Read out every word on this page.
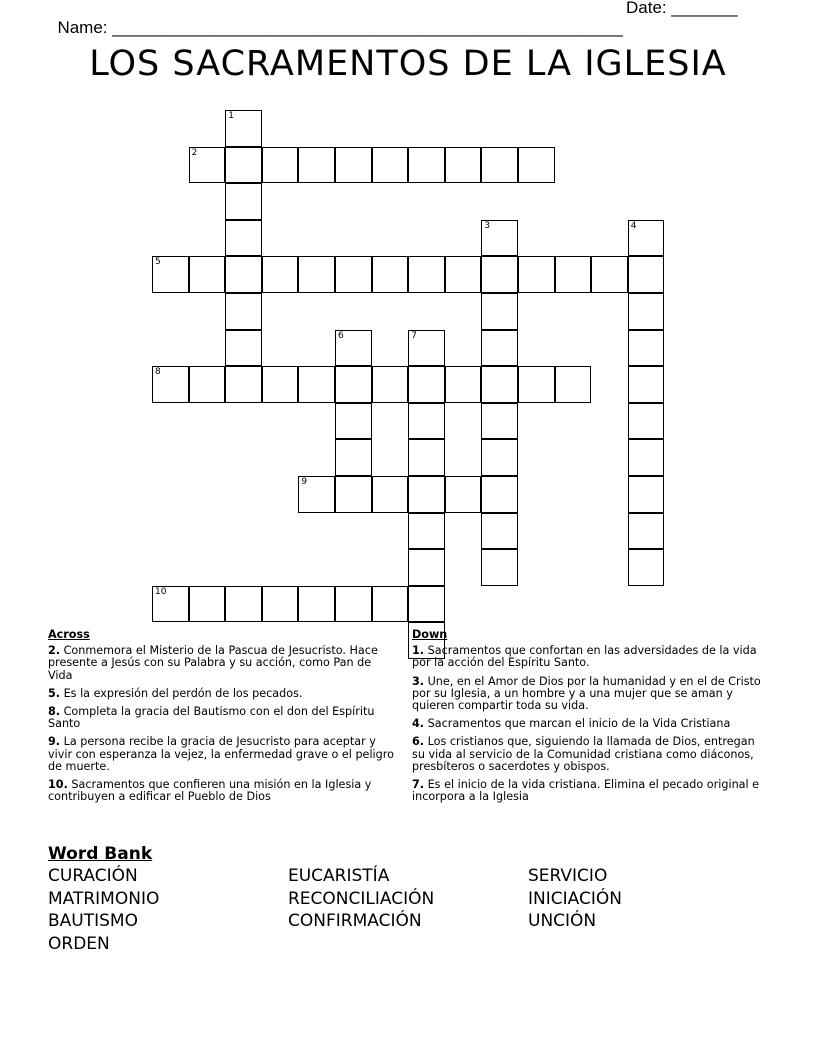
Name: ______________________________________________________

Date: _______

LOS SACRAMENTOS DE LA IGLESIA
1
2
3	4
5
6	7
8
9
10
Across
2. Conmemora el Misterio de la Pascua de Jesucristo. Hace presente a Jesús con su Palabra y su acción, como Pan de Vida
5. Es la expresión del perdón de los pecados.
8. Completa la gracia del Bautismo con el don del Espíritu Santo
9. La persona recibe la gracia de Jesucristo para aceptar y vivir con esperanza la vejez, la enfermedad grave o el peligro de muerte.
10. Sacramentos que confieren una misión en la Iglesia y contribuyen a edificar el Pueblo de Dios
Down
1. Sacramentos que confortan en las adversidades de la vida por la acción del Espíritu Santo.
3. Une, en el Amor de Dios por la humanidad y en el de Cristo por su Iglesia, a un hombre y a una mujer que se aman y quieren compartir toda su vida.
4. Sacramentos que marcan el inicio de la Vida Cristiana
6. Los cristianos que, siguiendo la llamada de Dios, entregan su vida al servicio de la Comunidad cristiana como diáconos, presbíteros o sacerdotes y obispos.
7. Es el inicio de la vida cristiana. Elimina el pecado original e incorpora a la Iglesia
Word Bank
CURACIÓN	EUCARISTÍA	SERVICIO
MATRIMONIO	RECONCILIACIÓN	INICIACIÓN
BAUTISMO	CONFIRMACIÓN	UNCIÓN
ORDEN
